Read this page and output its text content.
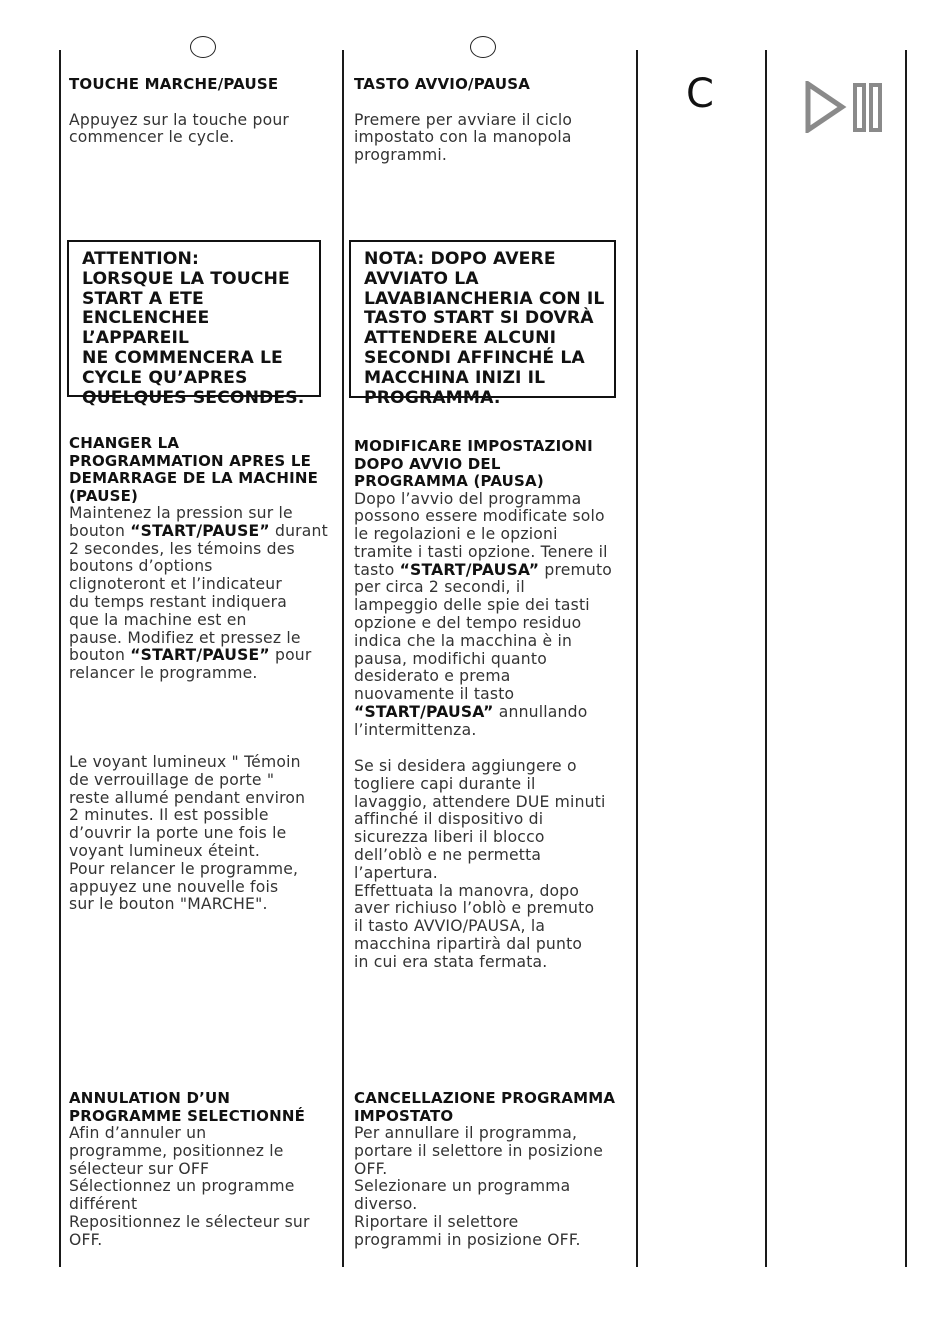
C
TOUCHE MARCHE/PAUSE
Appuyez sur la touche pour
commencer le cycle.
ATTENTION:
LORSQUE LA TOUCHE
START A ETE
ENCLENCHEE L’APPAREIL
NE COMMENCERA LE
CYCLE QU’APRES
QUELQUES SECONDES.
CHANGER LA
PROGRAMMATION APRES LE
DEMARRAGE DE LA MACHINE
(PAUSE)
Maintenez la pression sur le
bouton “START/PAUSE” durant
2 secondes, les témoins des
boutons d’options
clignoteront et l’indicateur
du temps restant indiquera
que la machine est en
pause. Modifiez et pressez le
bouton “START/PAUSE” pour
relancer le programme.
Le voyant lumineux " Témoin
de verrouillage de porte "
reste allumé pendant environ
2 minutes. Il est possible
d’ouvrir la porte une fois le
voyant lumineux éteint.
Pour relancer le programme,
appuyez une nouvelle fois
sur le bouton "MARCHE".
ANNULATION D’UN
PROGRAMME SELECTIONNÉ
Afin d’annuler un
programme, positionnez le
sélecteur sur OFF
Sélectionnez un programme
différent
Repositionnez le sélecteur sur
OFF.
TASTO AVVIO/PAUSA
Premere per avviare il ciclo
impostato con la manopola
programmi.
NOTA: DOPO AVERE
AVVIATO LA
LAVABIANCHERIA CON IL
TASTO START SI DOVRÀ
ATTENDERE ALCUNI
SECONDI AFFINCHÉ LA
MACCHINA INIZI IL
PROGRAMMA.
MODIFICARE IMPOSTAZIONI
DOPO AVVIO DEL
PROGRAMMA (PAUSA)
Dopo l’avvio del programma
possono essere modificate solo
le regolazioni e le opzioni
tramite i tasti opzione. Tenere il
tasto “START/PAUSA” premuto
per circa 2 secondi, il
lampeggio delle spie dei tasti
opzione e del tempo residuo
indica che la macchina è in
pausa, modifichi quanto
desiderato e prema
nuovamente il tasto
“START/PAUSA” annullando
l’intermittenza.
Se si desidera aggiungere o
togliere capi durante il
lavaggio, attendere DUE minuti
affinché il dispositivo di
sicurezza liberi il blocco
dell’oblò e ne permetta
l’apertura.
Effettuata la manovra, dopo
aver richiuso l’oblò e premuto
il tasto AVVIO/PAUSA, la
macchina ripartirà dal punto
in cui era stata fermata.
CANCELLAZIONE PROGRAMMA
IMPOSTATO
Per annullare il programma,
portare il selettore in posizione
OFF.
Selezionare un programma
diverso.
Riportare il selettore
programmi in posizione OFF.
